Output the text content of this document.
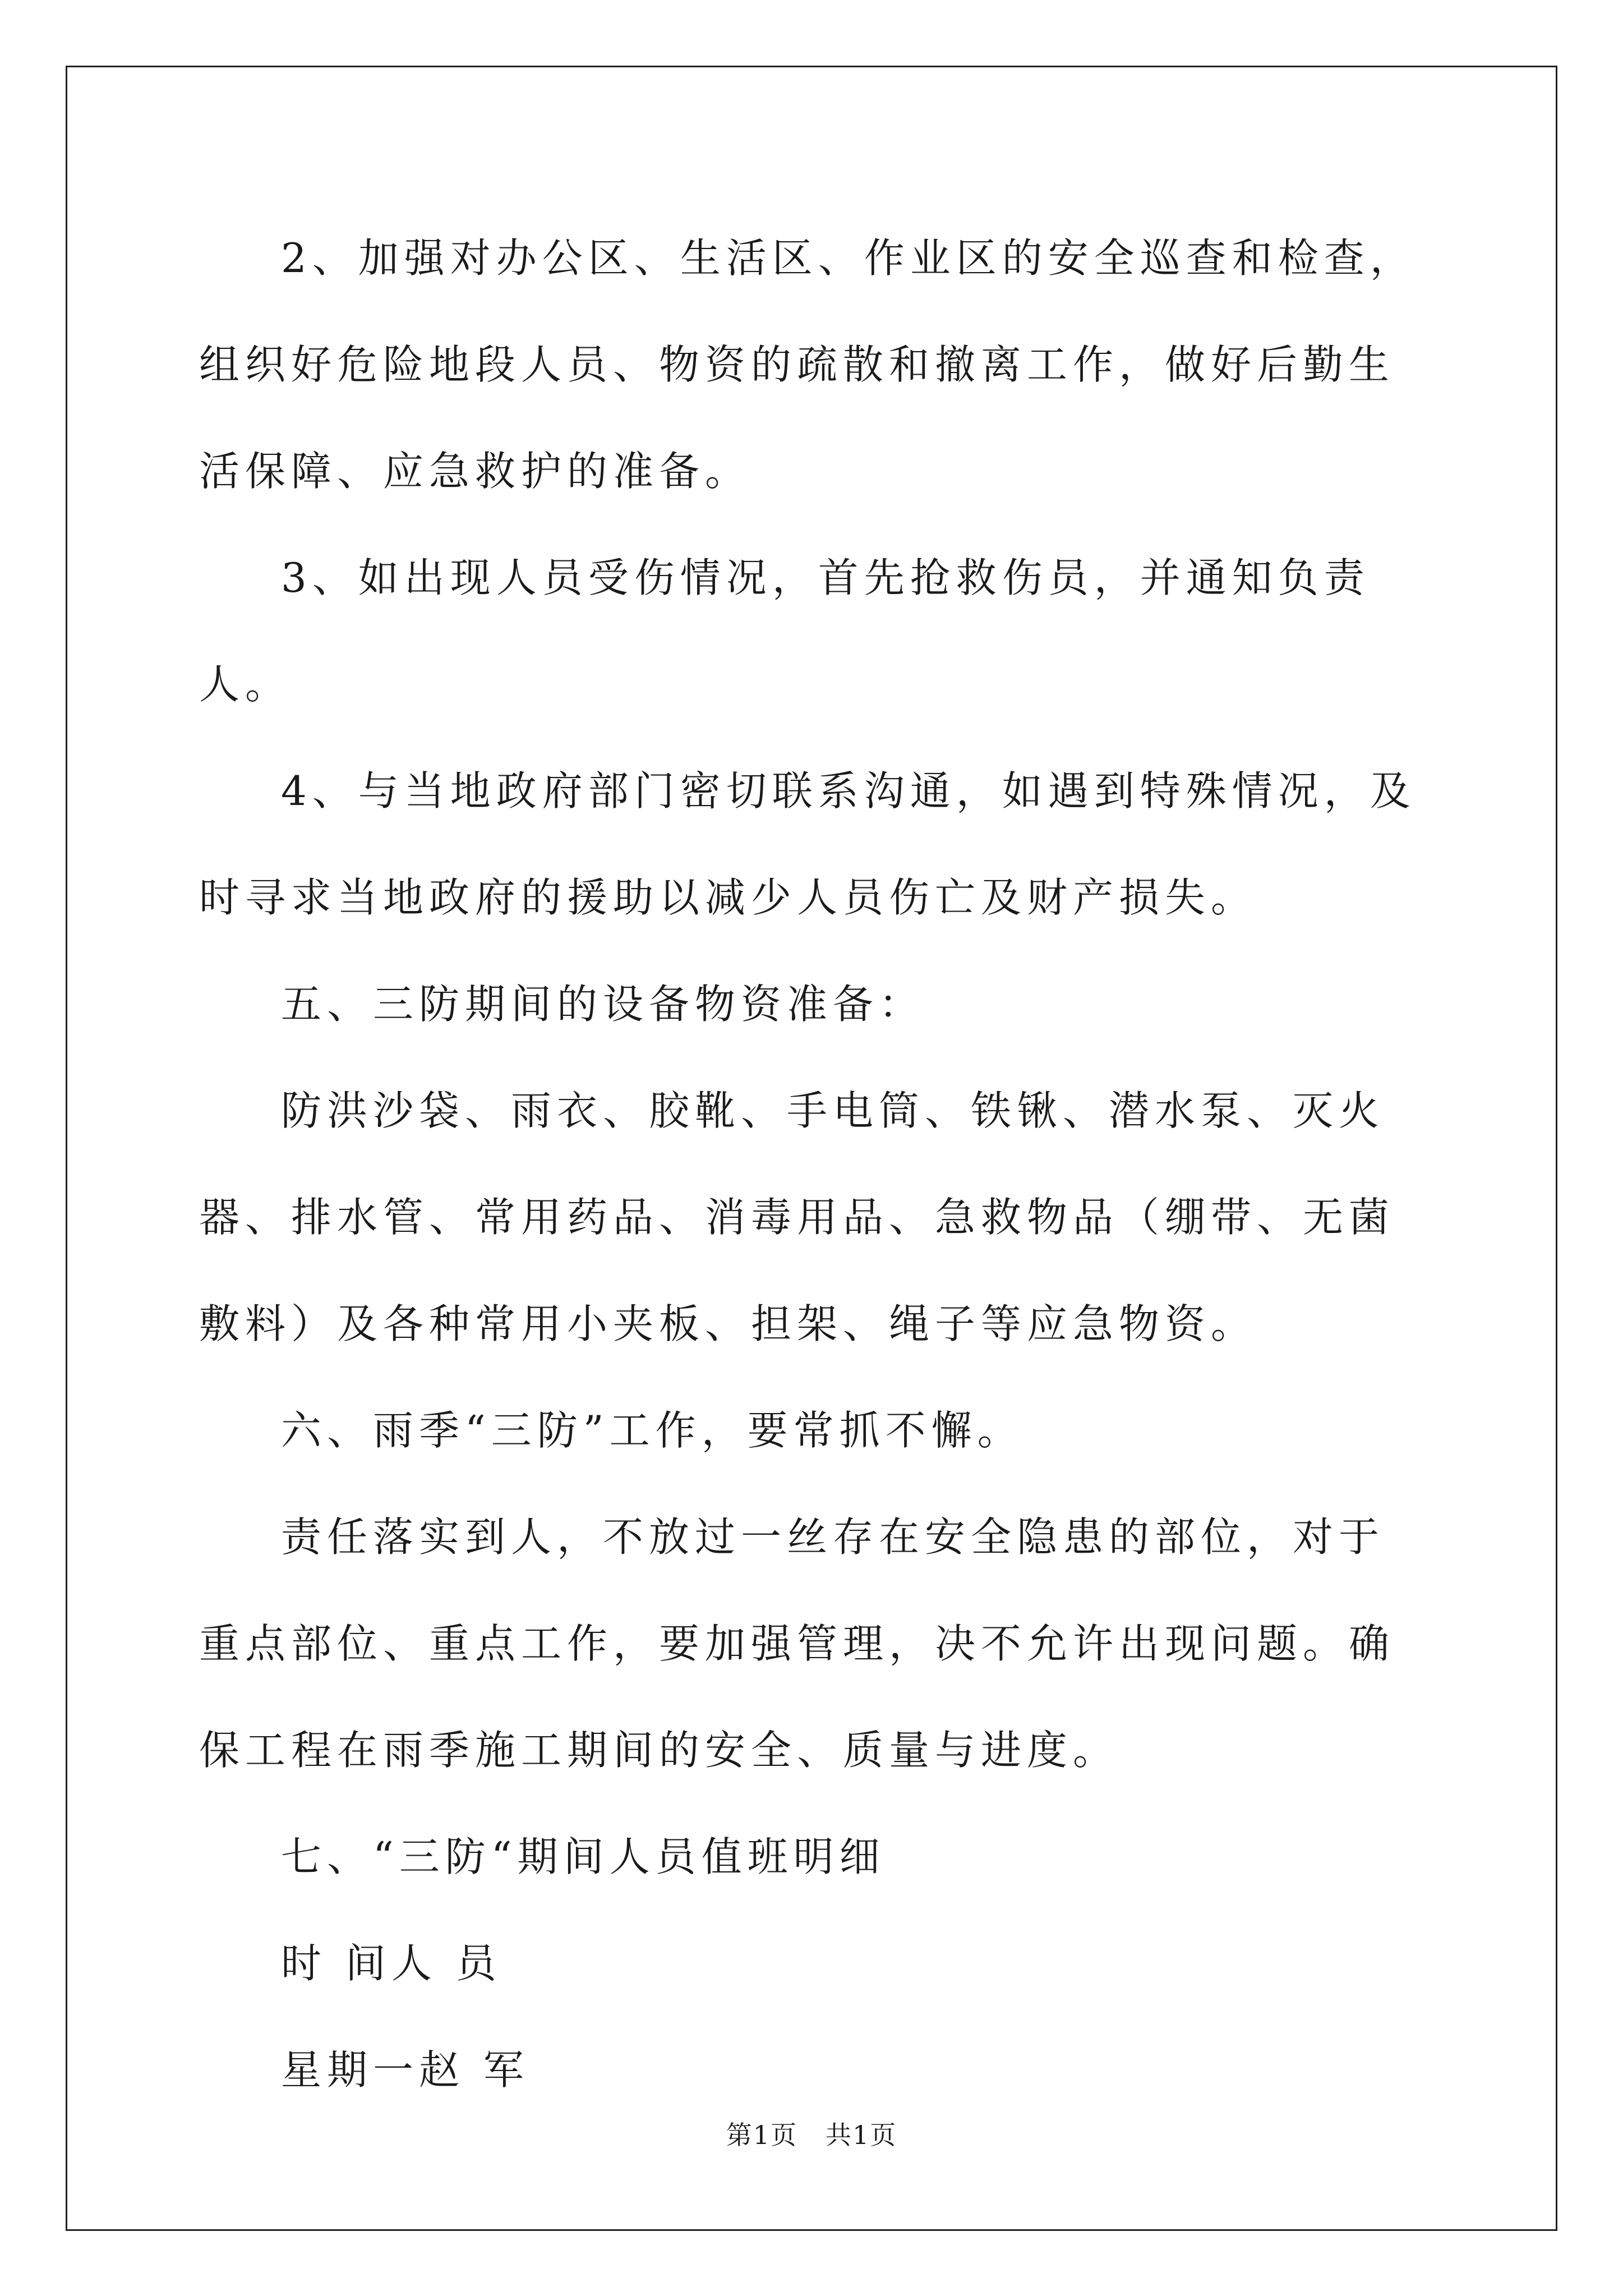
2、加强对办公区、生活区、作业区的安全巡查和检查，组织好危险地段人员、物资的疏散和撤离工作，做好后勤生活保障、应急救护的准备。

3、如出现人员受伤情况，首先抢救伤员，并通知负责人。

4、与当地政府部门密切联系沟通，如遇到特殊情况，及时寻求当地政府的援助以减少人员伤亡及财产损失。

五、三防期间的设备物资准备：

防洪沙袋、雨衣、胶靴、手电筒、铁锹、潜水泵、灭火器、排水管、常用药品、消毒用品、急救物品（绷带、无菌敷料）及各种常用小夹板、担架、绳子等应急物资。

六、雨季“三防”工作，要常抓不懈。

责任落实到人，不放过一丝存在安全隐患的部位，对于重点部位、重点工作，要加强管理，决不允许出现问题。确保工程在雨季施工期间的安全、质量与进度。

七、“三防“期间人员值班明细

时 间人 员

星期一赵 军

第1页 共1页
